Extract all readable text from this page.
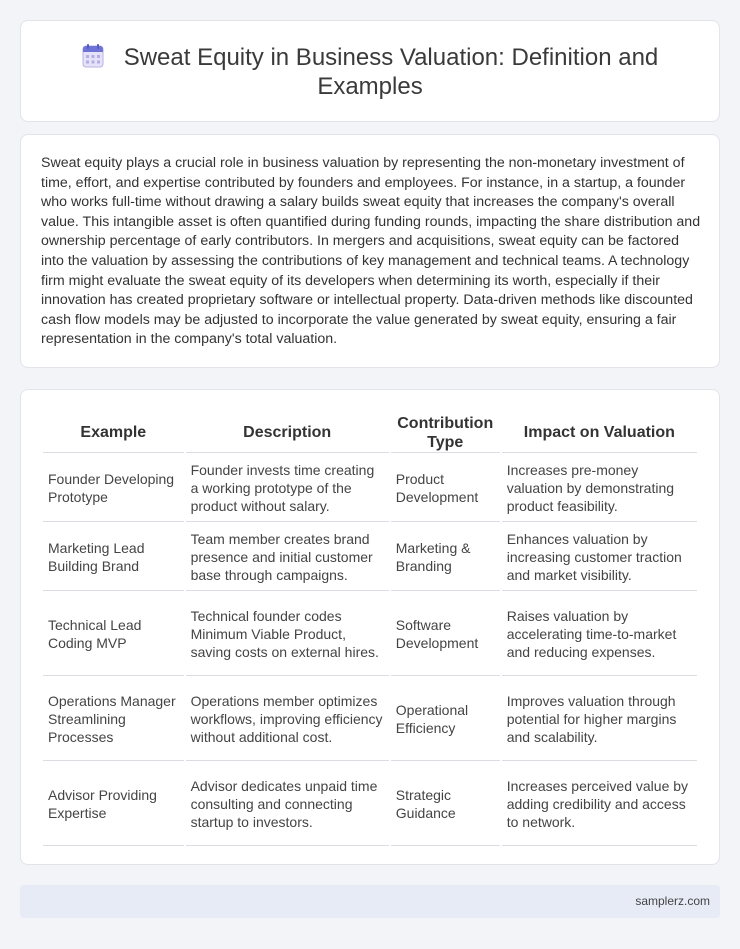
Sweat Equity in Business Valuation: Definition and Examples

Sweat equity plays a crucial role in business valuation by representing the non-monetary investment of time, effort, and expertise contributed by founders and employees. For instance, in a startup, a founder who works full-time without drawing a salary builds sweat equity that increases the company's overall value. This intangible asset is often quantified during funding rounds, impacting the share distribution and ownership percentage of early contributors. In mergers and acquisitions, sweat equity can be factored into the valuation by assessing the contributions of key management and technical teams. A technology firm might evaluate the sweat equity of its developers when determining its worth, especially if their innovation has created proprietary software or intellectual property. Data-driven methods like discounted cash flow models may be adjusted to incorporate the value generated by sweat equity, ensuring a fair representation in the company's total valuation.

Example	Description	Contribution Type	Impact on Valuation
Founder Developing Prototype	Founder invests time creating a working prototype of the product without salary.	Product Development	Increases pre-money valuation by demonstrating product feasibility.
Marketing Lead Building Brand	Team member creates brand presence and initial customer base through campaigns.	Marketing & Branding	Enhances valuation by increasing customer traction and market visibility.
Technical Lead Coding MVP	Technical founder codes Minimum Viable Product, saving costs on external hires.	Software Development	Raises valuation by accelerating time-to-market and reducing expenses.
Operations Manager Streamlining Processes	Operations member optimizes workflows, improving efficiency without additional cost.	Operational Efficiency	Improves valuation through potential for higher margins and scalability.
Advisor Providing Expertise	Advisor dedicates unpaid time consulting and connecting startup to investors.	Strategic Guidance	Increases perceived value by adding credibility and access to network.
samplerz.com
